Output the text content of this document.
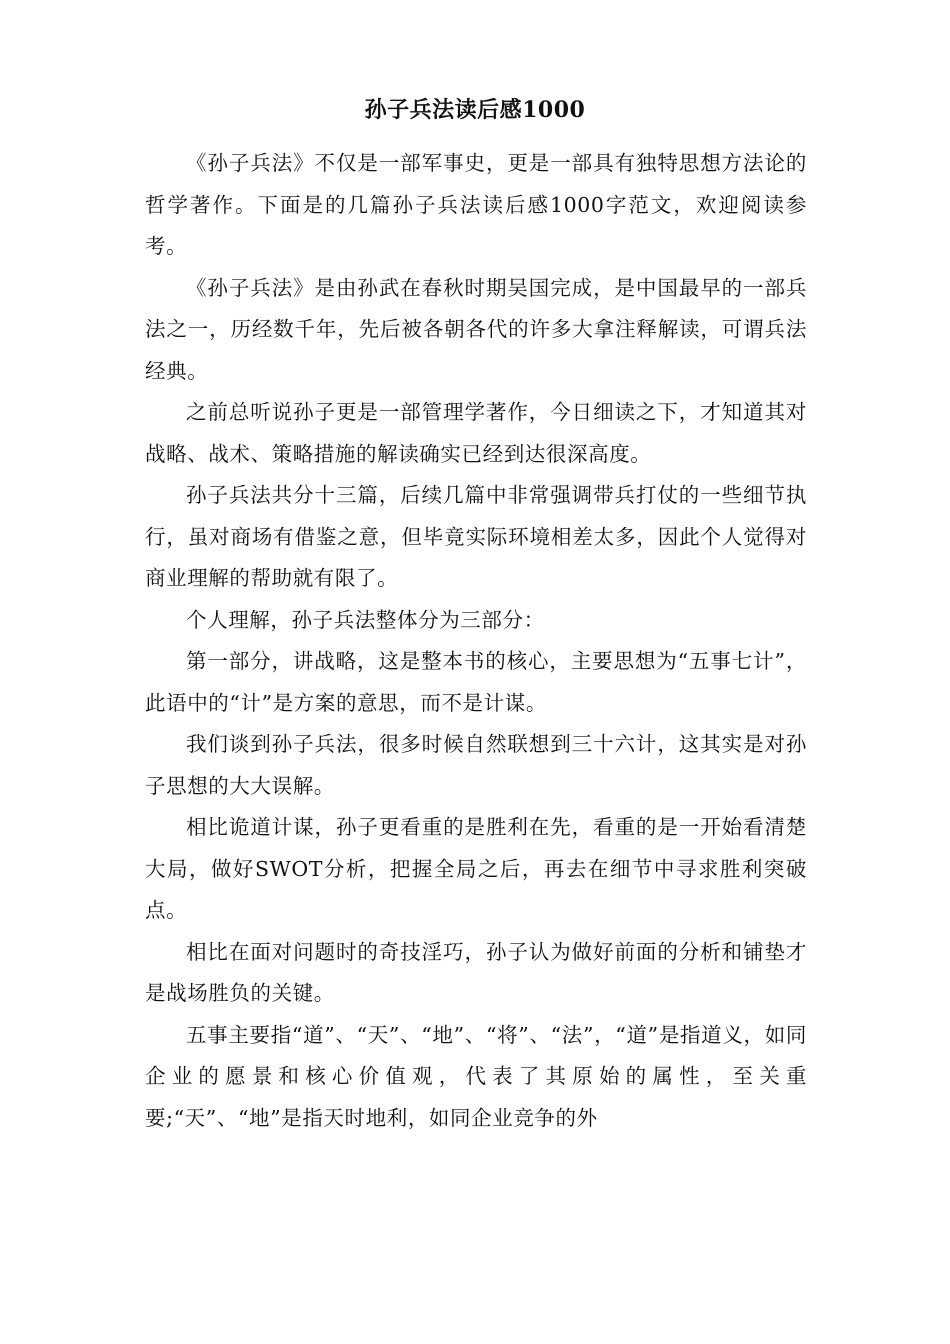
孙子兵法读后感1000

《孙子兵法》不仅是一部军事史，更是一部具有独特思想方法论的哲学著作。下面是的几篇孙子兵法读后感1000字范文，欢迎阅读参考。

《孙子兵法》是由孙武在春秋时期吴国完成，是中国最早的一部兵法之一，历经数千年，先后被各朝各代的许多大拿注释解读，可谓兵法经典。

之前总听说孙子更是一部管理学著作，今日细读之下，才知道其对战略、战术、策略措施的解读确实已经到达很深高度。

孙子兵法共分十三篇，后续几篇中非常强调带兵打仗的一些细节执行，虽对商场有借鉴之意，但毕竟实际环境相差太多，因此个人觉得对商业理解的帮助就有限了。

个人理解，孙子兵法整体分为三部分：

第一部分，讲战略，这是整本书的核心，主要思想为“五事七计”，此语中的“计”是方案的意思，而不是计谋。

我们谈到孙子兵法，很多时候自然联想到三十六计，这其实是对孙子思想的大大误解。

相比诡道计谋，孙子更看重的是胜利在先，看重的是一开始看清楚大局，做好SWOT分析，把握全局之后，再去在细节中寻求胜利突破点。

相比在面对问题时的奇技淫巧，孙子认为做好前面的分析和铺垫才是战场胜负的关键。

五事主要指“道”、“天”、“地”、“将”、“法”，“道”是指道义，如同企业的愿景和核心价值观，代表了其原始的属性，至关重要;“天”、“地”是指天时地利，如同企业竞争的外
